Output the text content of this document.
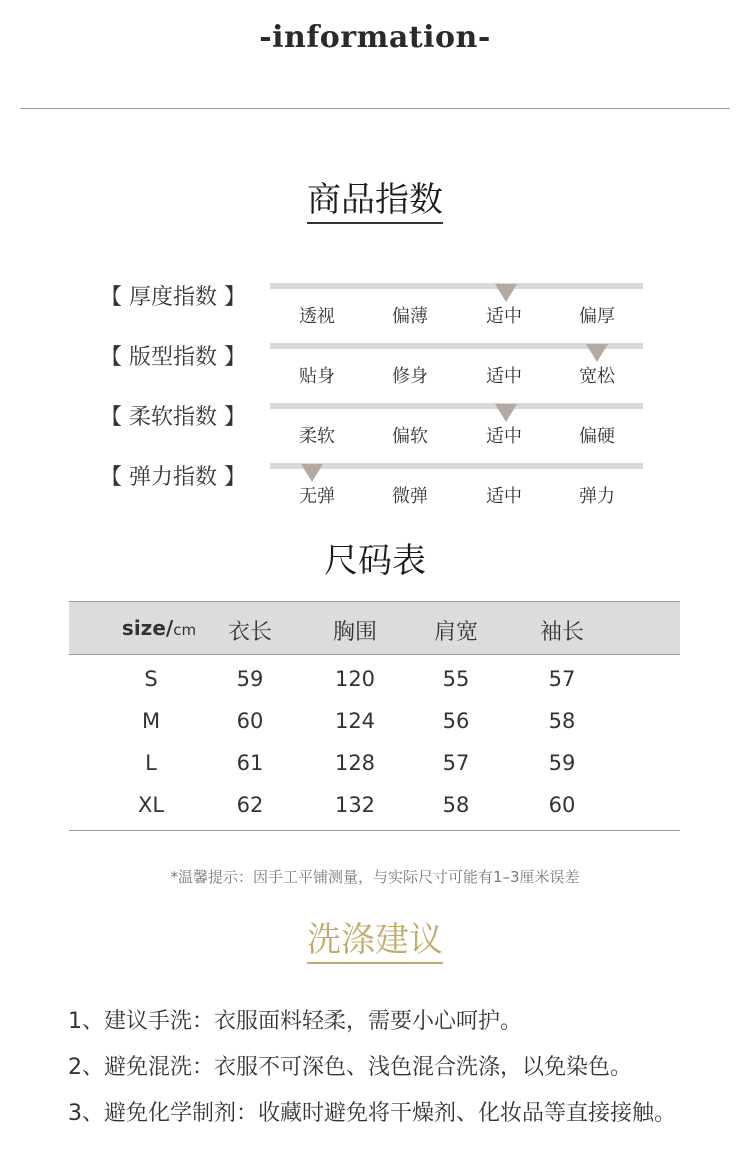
-information-
商品指数
【 厚度指数 】
透视	偏薄	适中	偏厚
【 版型指数 】
贴身	修身	适中	宽松
【 柔软指数 】
柔软	偏软	适中	偏硬
【 弹力指数 】
无弹	微弹	适中	弹力
尺码表
size/cm	衣长	胸围	肩宽	袖长
S	59	120	55	57
M	60	124	56	58
L	61	128	57	59
XL	62	132	58	60
*温馨提示：因手工平铺测量，与实际尺寸可能有1–3厘米误差
洗涤建议
1、建议手洗：衣服面料轻柔，需要小心呵护。
2、避免混洗：衣服不可深色、浅色混合洗涤，以免染色。
3、避免化学制剂：收藏时避免将干燥剂、化妆品等直接接触。
